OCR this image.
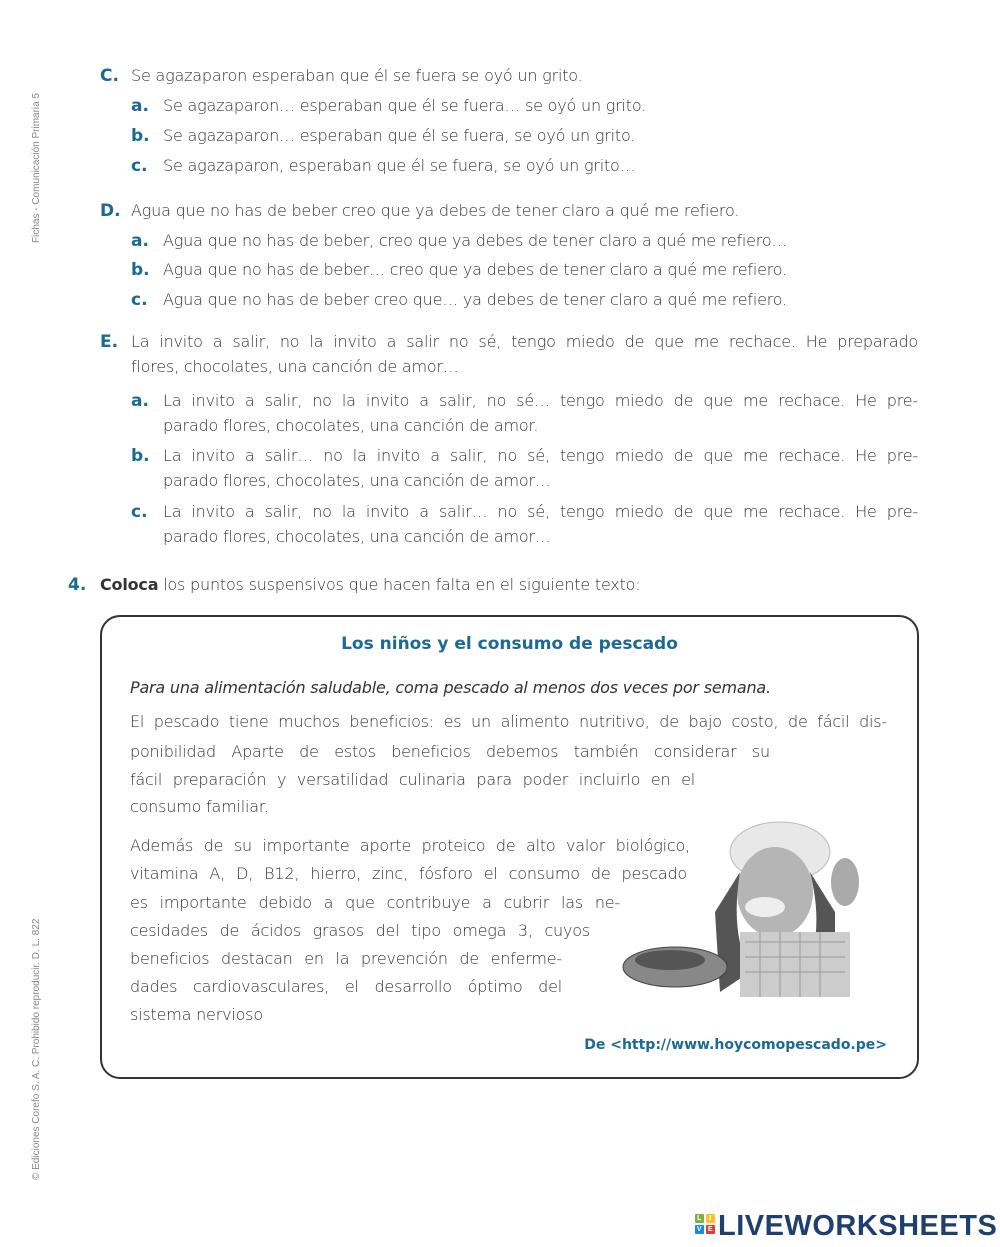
Fichas - Comunicación Primaria 5
© Ediciones Corefo S. A. C. Prohibido reproducir. D. L. 822
C. Se agazaparon esperaban que él se fuera se oyó un grito.
a. Se agazaparon… esperaban que él se fuera… se oyó un grito.
b. Se agazaparon… esperaban que él se fuera, se oyó un grito.
c. Se agazaparon, esperaban que él se fuera, se oyó un grito…
D. Agua que no has de beber creo que ya debes de tener claro a qué me refiero.
a. Agua que no has de beber, creo que ya debes de tener claro a qué me refiero…
b. Agua que no has de beber… creo que ya debes de tener claro a qué me refiero.
c. Agua que no has de beber creo que… ya debes de tener claro a qué me refiero.
E. La invito a salir, no la invito a salir no sé, tengo miedo de que me rechace. He preparado
flores, chocolates, una canción de amor…
a. La invito a salir, no la invito a salir, no sé… tengo miedo de que me rechace. He pre-
parado flores, chocolates, una canción de amor.
b. La invito a salir… no la invito a salir, no sé, tengo miedo de que me rechace. He pre-
parado flores, chocolates, una canción de amor…
c. La invito a salir, no la invito a salir… no sé, tengo miedo de que me rechace. He pre-
parado flores, chocolates, una canción de amor…
4. Coloca los puntos suspensivos que hacen falta en el siguiente texto:
Los niños y el consumo de pescado
Para una alimentación saludable, coma pescado al menos dos veces por semana.
El pescado tiene muchos beneficios: es un alimento nutritivo, de bajo costo, de fácil dis-
ponibilidad Aparte de estos beneficios debemos también considerar su
fácil preparación y versatilidad culinaria para poder incluirlo en el
consumo familiar.
Además de su importante aporte proteico de alto valor biológico,
vitamina A, D, B12, hierro, zinc, fósforo el consumo de pescado
es importante debido a que contribuye a cubrir las ne-
cesidades de ácidos grasos del tipo omega 3, cuyos
beneficios destacan en la prevención de enfermе-
dades cardiovasculares, el desarrollo óptimo del
sistema nervioso
De <http://www.hoycomopescado.pe>
L	I
V E LIVEWORKSHEETS
